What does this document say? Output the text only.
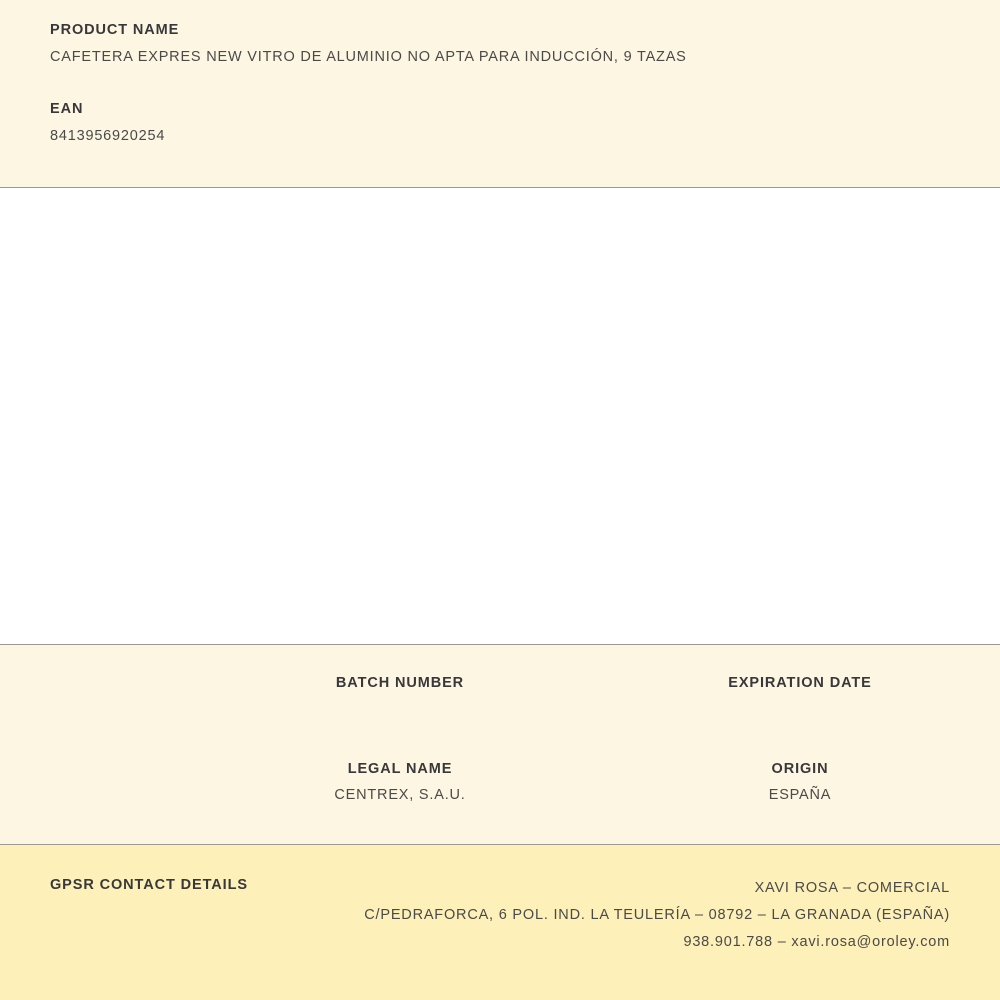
PRODUCT NAME
CAFETERA EXPRES NEW VITRO DE ALUMINIO NO APTA PARA INDUCCIÓN, 9 TAZAS
EAN
8413956920254
BATCH NUMBER	EXPIRATION DATE
LEGAL NAME
CENTREX, S.A.U.
ORIGIN
ESPAÑA
GPSR CONTACT DETAILS	XAVI ROSA – COMERCIAL
C/PEDRAFORCA, 6 POL. IND. LA TEULERÍA – 08792 – LA GRANADA (ESPAÑA)
938.901.788 – xavi.rosa@oroley.com
